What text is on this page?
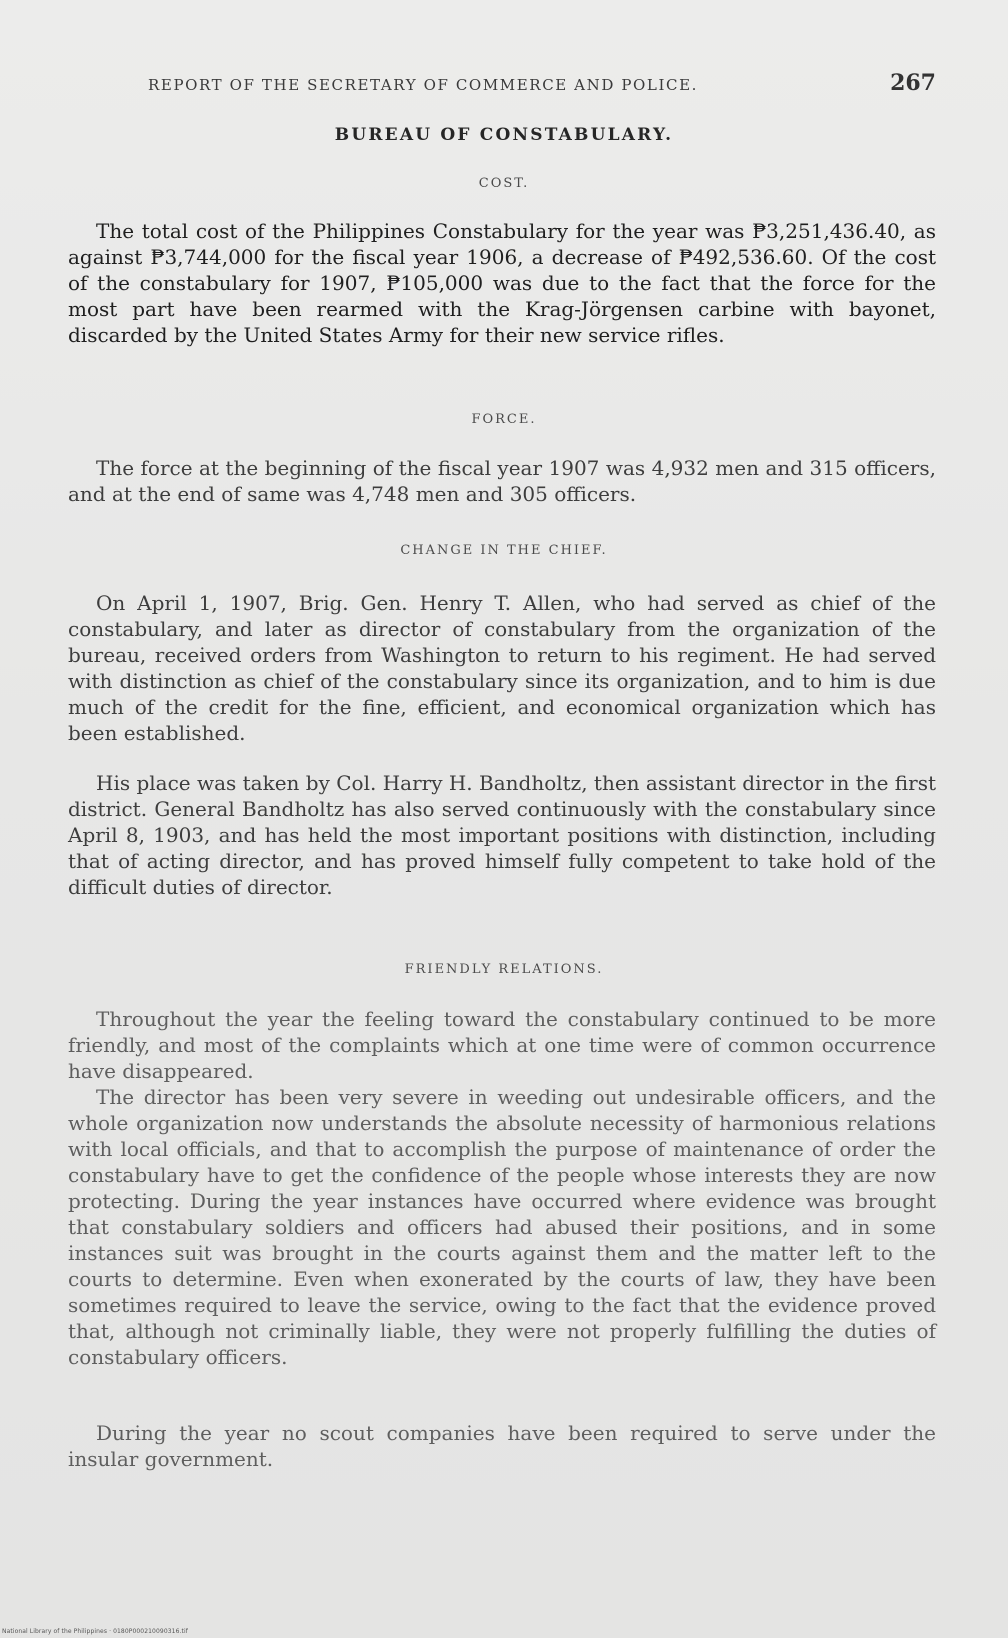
REPORT OF THE SECRETARY OF COMMERCE AND POLICE.	267
BUREAU OF CONSTABULARY.
COST.

The total cost of the Philippines Constabulary for the year was ₱3,251,436.40, as against ₱3,744,000 for the fiscal year 1906, a decrease of ₱492,536.60. Of the cost of the constabulary for 1907, ₱105,000 was due to the fact that the force for the most part have been rearmed with the Krag-Jörgensen carbine with bayonet, discarded by the United States Army for their new service rifles.

FORCE.

The force at the beginning of the fiscal year 1907 was 4,932 men and 315 officers, and at the end of same was 4,748 men and 305 officers.

CHANGE IN THE CHIEF.

On April 1, 1907, Brig. Gen. Henry T. Allen, who had served as chief of the constabulary, and later as director of constabulary from the organization of the bureau, received orders from Washington to return to his regiment. He had served with distinction as chief of the constabulary since its organization, and to him is due much of the credit for the fine, efficient, and economical organization which has been established.

His place was taken by Col. Harry H. Bandholtz, then assistant director in the first district. General Bandholtz has also served continuously with the constabulary since April 8, 1903, and has held the most important positions with distinction, including that of acting director, and has proved himself fully competent to take hold of the difficult duties of director.

FRIENDLY RELATIONS.

Throughout the year the feeling toward the constabulary continued to be more friendly, and most of the complaints which at one time were of common occurrence have disappeared.

The director has been very severe in weeding out undesirable officers, and the whole organization now understands the absolute necessity of harmonious relations with local officials, and that to accomplish the purpose of maintenance of order the constabulary have to get the confidence of the people whose interests they are now protecting. During the year instances have occurred where evidence was brought that constabulary soldiers and officers had abused their positions, and in some instances suit was brought in the courts against them and the matter left to the courts to determine. Even when exonerated by the courts of law, they have been sometimes required to leave the service, owing to the fact that the evidence proved that, although not criminally liable, they were not properly fulfilling the duties of constabulary officers.

During the year no scout companies have been required to serve under the insular government.

National Library of the Philippines · 0180P000210090316.tif
